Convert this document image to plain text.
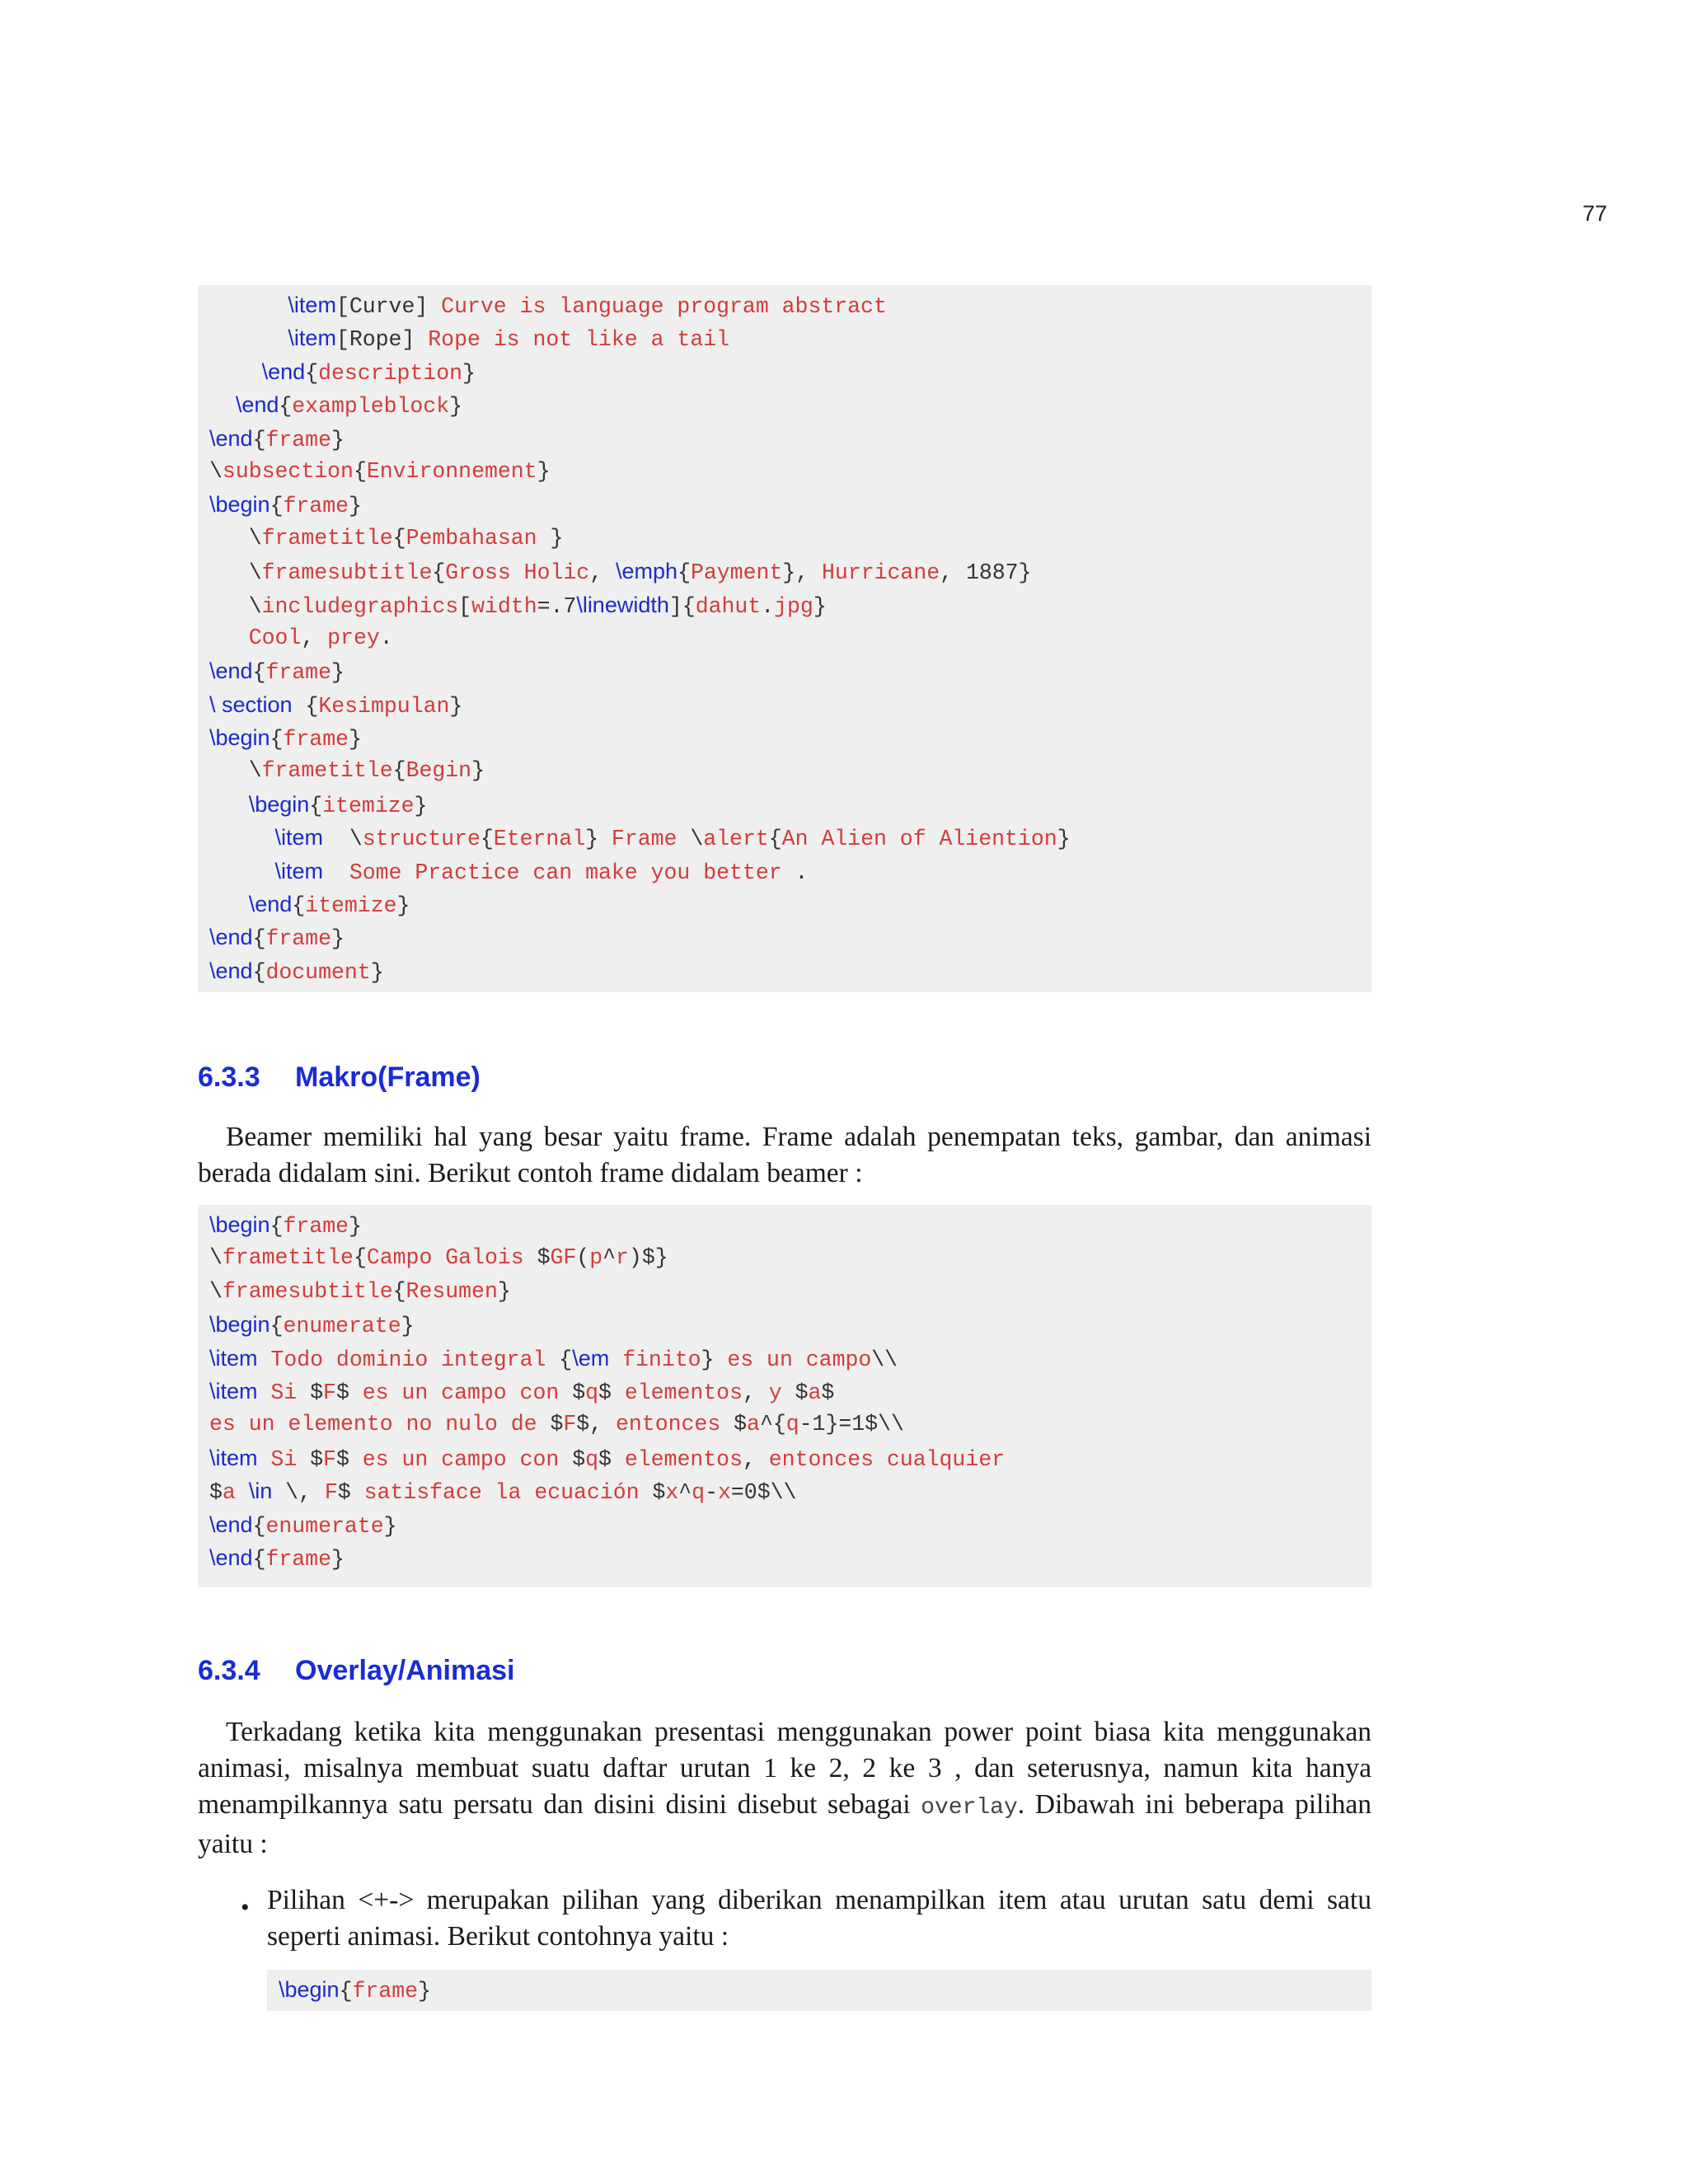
77
\item[Curve] Curve is language program abstract
\item[Rope] Rope is not like a tail
\end{description}
\end{exampleblock}
\end{frame}
\subsection{Environnement}
\begin{frame}
\frametitle{Pembahasan }
\framesubtitle{Gross Holic, \emph{Payment}, Hurricane, 1887}
\includegraphics[width=.7\linewidth]{dahut.jpg}
Cool, prey.
\end{frame}
\ section {Kesimpulan}
\begin{frame}
\frametitle{Begin}
\begin{itemize}
\item  \structure{Eternal} Frame \alert{An Alien of Aliention}
\item Some Practice can make you better .
\end{itemize}
\end{frame}
\end{document}
6.3.3 Makro(Frame)
Beamer memiliki hal yang besar yaitu frame. Frame adalah penempatan teks, gambar, dan animasi berada didalam sini. Berikut contoh frame didalam beamer :
\begin{frame}
\frametitle{Campo Galois $GF(p^r)$}
\framesubtitle{Resumen}
\begin{enumerate}
\item Todo dominio integral {\em finito} es un campo\\
\item Si $F$ es un campo con $q$ elementos, y $a$
es un elemento no nulo de $F$, entonces $a^{q-1}=1$\\
\item Si $F$ es un campo con $q$ elementos, entonces cualquier
$a \in \, F$ satisface la ecuación $x^q-x=0$\\
\end{enumerate}
\end{frame}
6.3.4 Overlay/Animasi
Terkadang ketika kita menggunakan presentasi menggunakan power point biasa kita menggunakan animasi, misalnya membuat suatu daftar urutan 1 ke 2, 2 ke 3 , dan seterusnya, namun kita hanya menampilkannya satu persatu dan disini disini disebut sebagai overlay. Dibawah ini beberapa pilihan yaitu :
• Pilihan <+-> merupakan pilihan yang diberikan menampilkan item atau urutan satu demi satu seperti animasi. Berikut contohnya yaitu :
\begin{frame}
